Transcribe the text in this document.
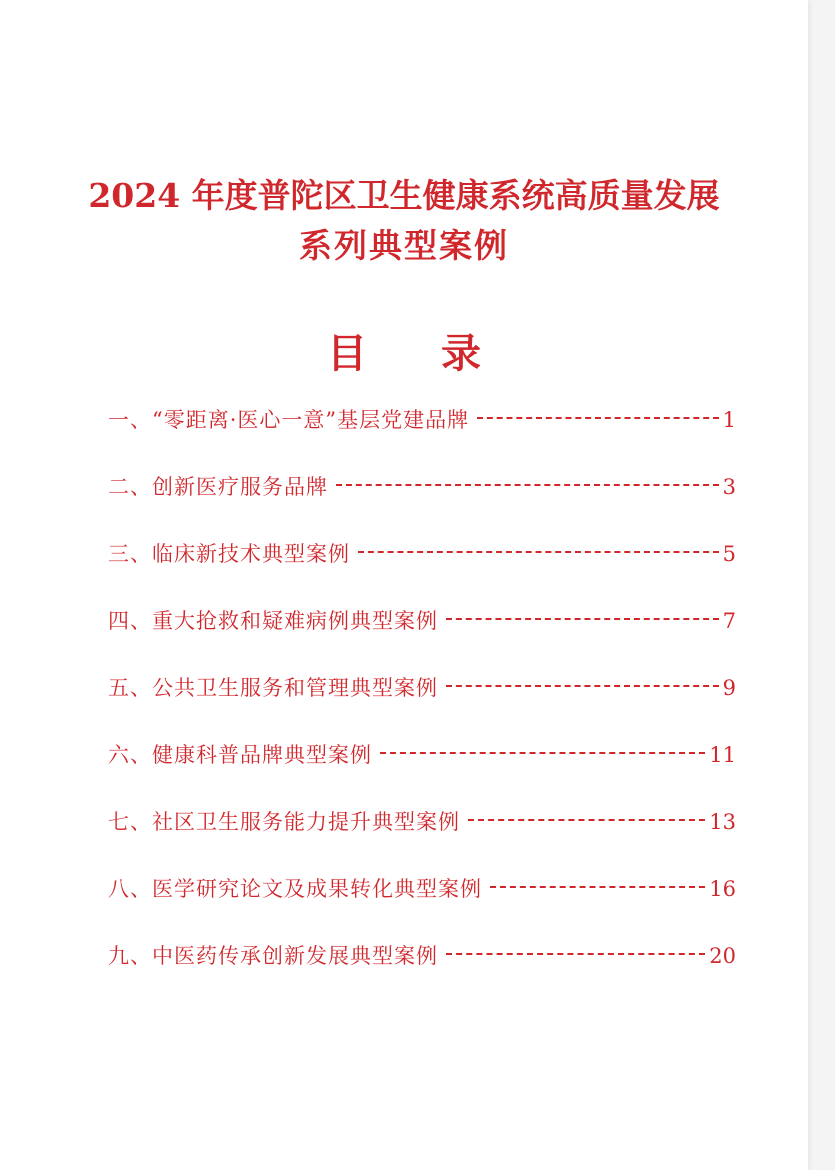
2024 年度普陀区卫生健康系统高质量发展
系列典型案例
目 录
一、“零距离·医心一意”基层党建品牌	1
二、创新医疗服务品牌	3
三、临床新技术典型案例	5
四、重大抢救和疑难病例典型案例	7
五、公共卫生服务和管理典型案例	9
六、健康科普品牌典型案例	11
七、社区卫生服务能力提升典型案例	13
八、医学研究论文及成果转化典型案例	16
九、中医药传承创新发展典型案例	20
